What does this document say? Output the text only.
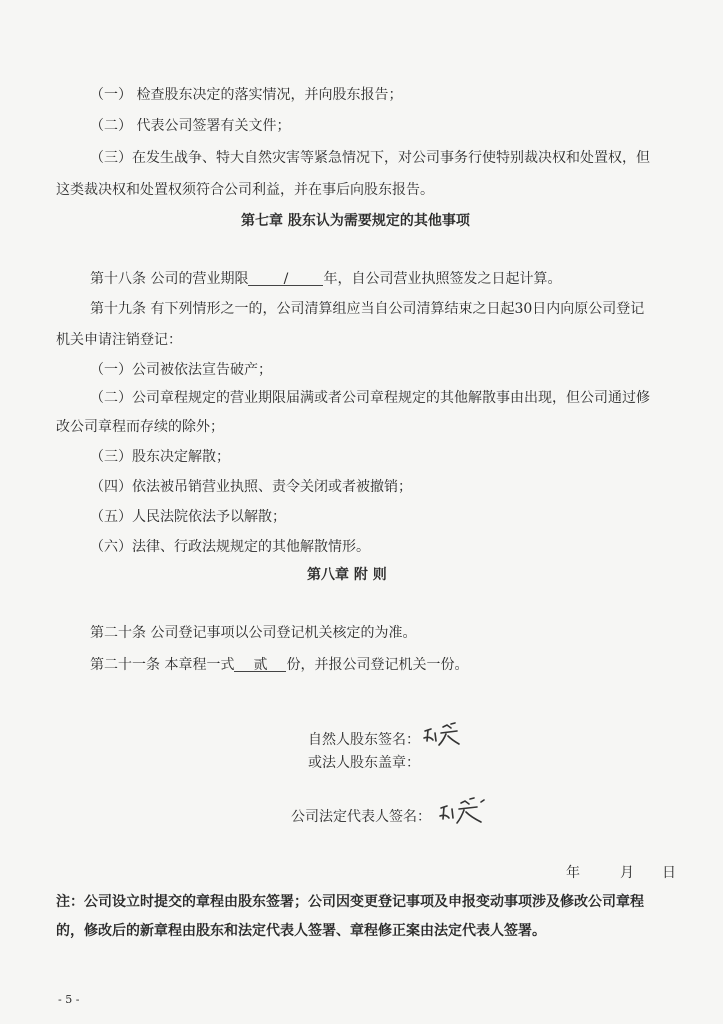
（一） 检查股东决定的落实情况，并向股东报告；
（二） 代表公司签署有关文件；
（三）在发生战争、特大自然灾害等紧急情况下，对公司事务行使特别裁决权和处置权，但
这类裁决权和处置权须符合公司利益，并在事后向股东报告。
第七章 股东认为需要规定的其他事项
第十八条 公司的营业期限	/	年，自公司营业执照签发之日起计算。
第十九条 有下列情形之一的，公司清算组应当自公司清算结束之日起30日内向原公司登记
机关申请注销登记：
（一）公司被依法宣告破产；
（二）公司章程规定的营业期限届满或者公司章程规定的其他解散事由出现，但公司通过修
改公司章程而存续的除外；
（三）股东决定解散；
（四）依法被吊销营业执照、责令关闭或者被撤销；
（五）人民法院依法予以解散；
（六）法律、行政法规规定的其他解散情形。
第八章 附 则
第二十条 公司登记事项以公司登记机关核定的为准。
第二十一条 本章程一式 贰 份，并报公司登记机关一份。
自然人股东签名：
或法人股东盖章：
公司法定代表人签名：
年	月 日
注：公司设立时提交的章程由股东签署；公司因变更登记事项及申报变动事项涉及修改公司章程
的，修改后的新章程由股东和法定代表人签署、章程修正案由法定代表人签署。
- 5 -
